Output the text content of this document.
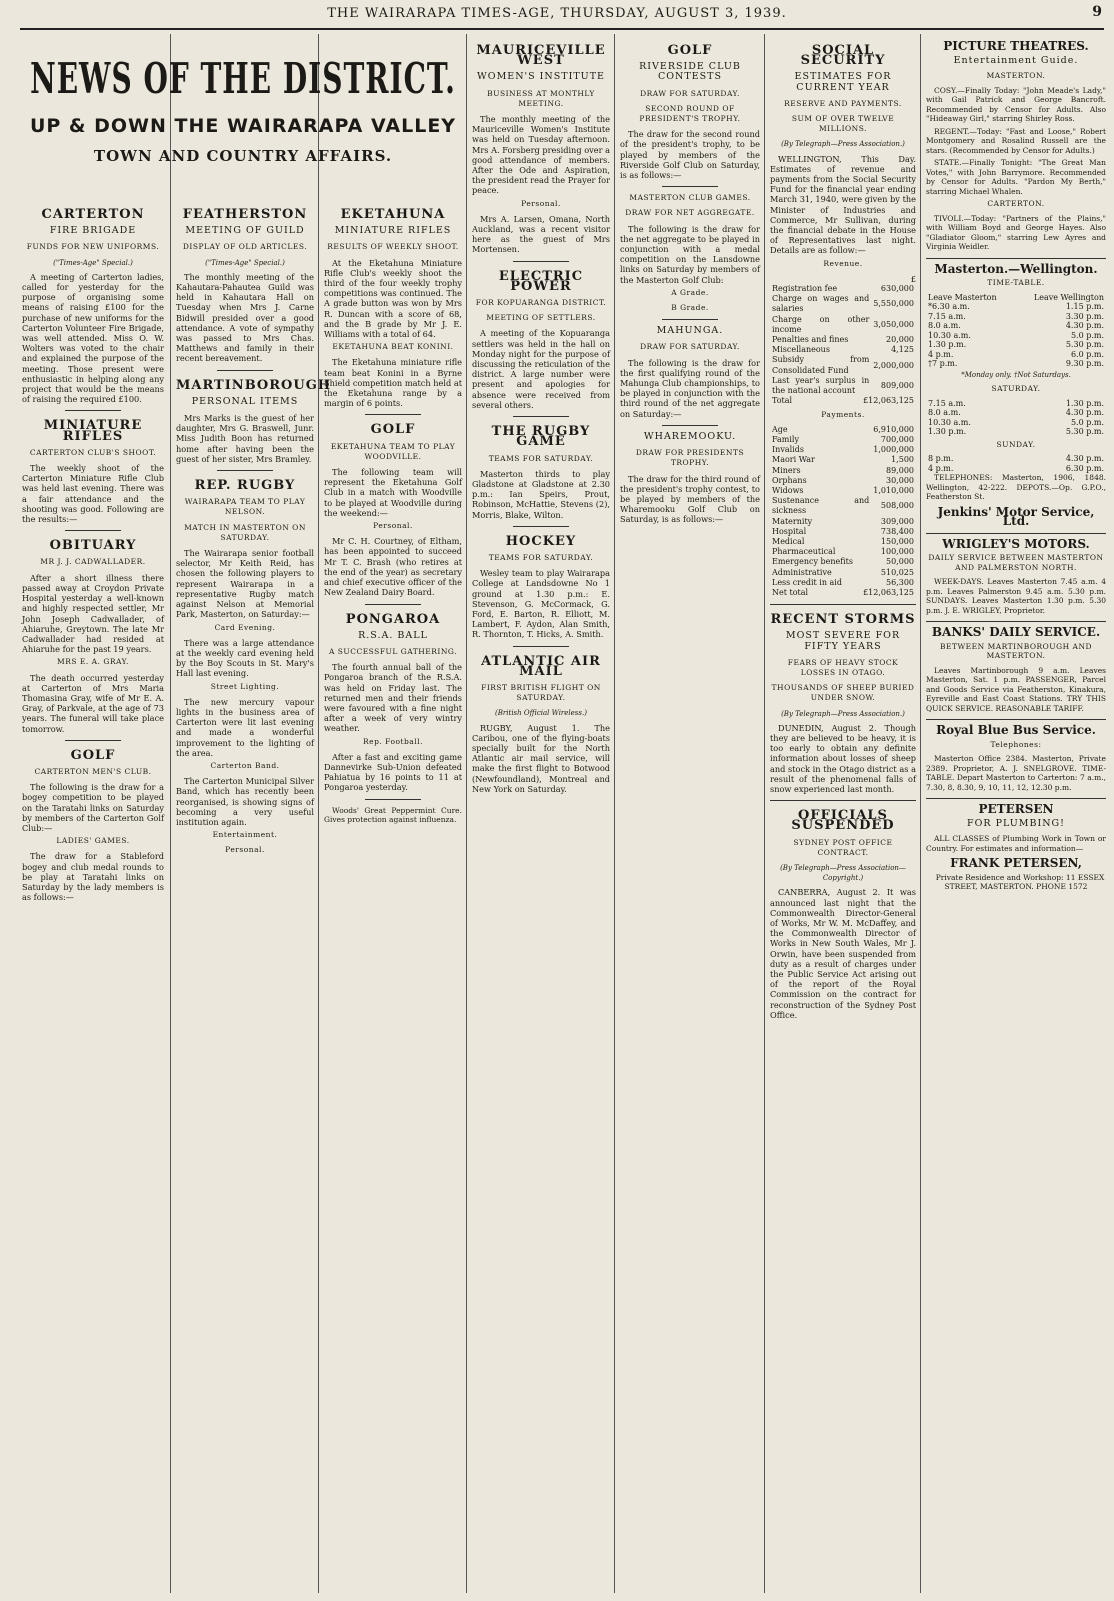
THE WAIRARAPA TIMES-AGE, THURSDAY, AUGUST 3, 1939.	9
NEWS OF THE DISTRICT.
UP & DOWN THE WAIRARAPA VALLEY
TOWN AND COUNTRY AFFAIRS.
CARTERTON
FIRE BRIGADE
FUNDS FOR NEW UNIFORMS.
("Times-Age" Special.)

A meeting of Carterton ladies, called for yesterday for the purpose of organising some means of raising £100 for the purchase of new uniforms for the Carterton Volunteer Fire Brigade, was well attended. Miss O. W. Wolters was voted to the chair and explained the purpose of the meeting. Those present were enthusiastic in helping along any project that would be the means of raising the required £100.

MINIATURE RIFLES
CARTERTON CLUB'S SHOOT.

The weekly shoot of the Carterton Miniature Rifle Club was held last evening. There was a fair attendance and the shooting was good. Following are the results:—

OBITUARY
MR J. J. CADWALLADER.

After a short illness there passed away at Croydon Private Hospital yesterday a well-known and highly respected settler, Mr John Joseph Cadwallader, of Ahiaruhe, Greytown. The late Mr Cadwallader had resided at Ahiaruhe for the past 19 years.

MRS E. A. GRAY.

The death occurred yesterday at Carterton of Mrs Maria Thomasina Gray, wife of Mr E. A. Gray, of Parkvale, at the age of 73 years. The funeral will take place tomorrow.

GOLF
CARTERTON MEN'S CLUB.

The following is the draw for a bogey competition to be played on the Taratahi links on Saturday by members of the Carterton Golf Club:—

LADIES' GAMES.

The draw for a Stableford bogey and club medal rounds to be play at Taratahi links on Saturday by the lady members is as follows:—

FEATHERSTON
MEETING OF GUILD
DISPLAY OF OLD ARTICLES.
("Times-Age" Special.)

The monthly meeting of the Kahautara-Pahautea Guild was held in Kahautara Hall on Tuesday when Mrs J. Carne Bidwill presided over a good attendance. A vote of sympathy was passed to Mrs Chas. Matthews and family in their recent bereavement.

MARTINBOROUGH
PERSONAL ITEMS

Mrs Marks is the guest of her daughter, Mrs G. Braswell, Junr. Miss Judith Boon has returned home after having been the guest of her sister, Mrs Bramley.

REP. RUGBY
WAIRARAPA TEAM TO PLAY NELSON.
MATCH IN MASTERTON ON SATURDAY.

The Wairarapa senior football selector, Mr Keith Reid, has chosen the following players to represent Wairarapa in a representative Rugby match against Nelson at Memorial Park, Masterton, on Saturday:—

Card Evening.

There was a large attendance at the weekly card evening held by the Boy Scouts in St. Mary's Hall last evening.

Street Lighting.

The new mercury vapour lights in the business area of Carterton were lit last evening and made a wonderful improvement to the lighting of the area.

Carterton Band.

The Carterton Municipal Silver Band, which has recently been reorganised, is showing signs of becoming a very useful institution again.

Entertainment.
Personal.
EKETAHUNA
MINIATURE RIFLES
RESULTS OF WEEKLY SHOOT.

At the Eketahuna Miniature Rifle Club's weekly shoot the third of the four weekly trophy competitions was continued. The A grade button was won by Mrs R. Duncan with a score of 68, and the B grade by Mr J. E. Williams with a total of 64.

EKETAHUNA BEAT KONINI.

The Eketahuna miniature rifle team beat Konini in a Byrne Shield competition match held at the Eketahuna range by a margin of 6 points.

GOLF
EKETAHUNA TEAM TO PLAY WOODVILLE.

The following team will represent the Eketahuna Golf Club in a match with Woodville to be played at Woodville during the weekend:—

Personal.

Mr C. H. Courtney, of Eltham, has been appointed to succeed Mr T. C. Brash (who retires at the end of the year) as secretary and chief executive officer of the New Zealand Dairy Board.

PONGAROA
R.S.A. BALL
A SUCCESSFUL GATHERING.

The fourth annual ball of the Pongaroa branch of the R.S.A. was held on Friday last. The returned men and their friends were favoured with a fine night after a week of very wintry weather.

Rep. Football.

After a fast and exciting game Dannevirke Sub-Union defeated Pahiatua by 16 points to 11 at Pongaroa yesterday.

Woods' Great Peppermint Cure. Gives protection against influenza.

MAURICEVILLE WEST
WOMEN'S INSTITUTE
BUSINESS AT MONTHLY MEETING.

The monthly meeting of the Mauriceville Women's Institute was held on Tuesday afternoon. Mrs A. Forsberg presiding over a good attendance of members. After the Ode and Aspiration, the president read the Prayer for peace.

Personal.

Mrs A. Larsen, Omana, North Auckland, was a recent visitor here as the guest of Mrs Mortensen.

ELECTRIC POWER
FOR KOPUARANGA DISTRICT.
MEETING OF SETTLERS.

A meeting of the Kopuaranga settlers was held in the hall on Monday night for the purpose of discussing the reticulation of the district. A large number were present and apologies for absence were received from several others.

THE RUGBY GAME
TEAMS FOR SATURDAY.

Masterton thirds to play Gladstone at Gladstone at 2.30 p.m.: Ian Speirs, Prout, Robinson, McHattie, Stevens (2), Morris, Blake, Wilton.

HOCKEY
TEAMS FOR SATURDAY.

Wesley team to play Wairarapa College at Landsdowne No 1 ground at 1.30 p.m.: E. Stevenson, G. McCormack, G. Ford, E. Barton, R. Elliott, M. Lambert, F. Aydon, Alan Smith, R. Thornton, T. Hicks, A. Smith.

ATLANTIC AIR MAIL
FIRST BRITISH FLIGHT ON SATURDAY.
(British Official Wireless.)

RUGBY, August 1. The Caribou, one of the flying-boats specially built for the North Atlantic air mail service, will make the first flight to Botwood (Newfoundland), Montreal and New York on Saturday.

GOLF
RIVERSIDE CLUB CONTESTS
DRAW FOR SATURDAY.
SECOND ROUND OF PRESIDENT'S TROPHY.

The draw for the second round of the president's trophy, to be played by members of the Riverside Golf Club on Saturday, is as follows:—

MASTERTON CLUB GAMES.
DRAW FOR NET AGGREGATE.

The following is the draw for the net aggregate to be played in conjunction with a medal competition on the Lansdowne links on Saturday by members of the Masterton Golf Club:

A Grade.
B Grade.
MAHUNGA.
DRAW FOR SATURDAY.

The following is the draw for the first qualifying round of the Mahunga Club championships, to be played in conjunction with the third round of the net aggregate on Saturday:—

WHAREMOOKU.
DRAW FOR PRESIDENTS TROPHY.

The draw for the third round of the president's trophy contest, to be played by members of the Wharemooku Golf Club on Saturday, is as follows:—

SOCIAL SECURITY
ESTIMATES FOR CURRENT YEAR
RESERVE AND PAYMENTS.
SUM OF OVER TWELVE MILLIONS.
(By Telegraph—Press Association.)

WELLINGTON, This Day. Estimates of revenue and payments from the Social Security Fund for the financial year ending March 31, 1940, were given by the Minister of Industries and Commerce, Mr Sullivan, during the financial debate in the House of Representatives last night. Details are as follow:—

Revenue.
£
Registration fee	630,000
Charge on wages and salaries	5,550,000
Charge on other income	3,050,000
Penalties and fines	20,000
Miscellaneous	4,125
Subsidy from Consolidated Fund	2,000,000
Last year's surplus in the national account	809,000
Total	£12,063,125
Payments.
Age	6,910,000
Family	700,000
Invalids	1,000,000
Maori War	1,500
Miners	89,000
Orphans	30,000
Widows	1,010,000
Sustenance and sickness	508,000
Maternity	309,000
Hospital	738,400
Medical	150,000
Pharmaceutical	100,000
Emergency benefits	50,000
Administrative	510,025
Less credit in aid	56,300
Net total	£12,063,125
RECENT STORMS
MOST SEVERE FOR FIFTY YEARS
FEARS OF HEAVY STOCK LOSSES IN OTAGO.
THOUSANDS OF SHEEP BURIED UNDER SNOW.
(By Telegraph—Press Association.)

DUNEDIN, August 2. Though they are believed to be heavy, it is too early to obtain any definite information about losses of sheep and stock in the Otago district as a result of the phenomenal falls of snow experienced last month.

OFFICIALS SUSPENDED
SYDNEY POST OFFICE CONTRACT.
(By Telegraph—Press Association—Copyright.)

CANBERRA, August 2. It was announced last night that the Commonwealth Director-General of Works, Mr W. M. McDaffey, and the Commonwealth Director of Works in New South Wales, Mr J. Orwin, have been suspended from duty as a result of charges under the Public Service Act arising out of the report of the Royal Commission on the contract for reconstruction of the Sydney Post Office.

PICTURE THEATRES.
Entertainment Guide.
MASTERTON.

COSY.—Finally Today: "John Meade's Lady," with Gail Patrick and George Bancroft. Recommended by Censor for Adults. Also "Hideaway Girl," starring Shirley Ross.

REGENT.—Today: "Fast and Loose," Robert Montgomery and Rosalind Russell are the stars. (Recommended by Censor for Adults.)

STATE.—Finally Tonight: "The Great Man Votes," with John Barrymore. Recommended by Censor for Adults. "Pardon My Berth," starring Michael Whalen.

CARTERTON.

TIVOLI.—Today: "Partners of the Plains," with William Boyd and George Hayes. Also "Gladiator Gloom," starring Lew Ayres and Virginia Weidler.

Masterton.—Wellington.
TIME-TABLE.
Leave Masterton	Leave Wellington
*6.30 a.m.	1.15 p.m.
7.15 a.m.	3.30 p.m.
8.0 a.m.	4.30 p.m.
10.30 a.m.	5.0 p.m.
1.30 p.m.	5.30 p.m.
4 p.m.	6.0 p.m.
†7 p.m.	9.30 p.m.
*Monday only. †Not Saturdays.
SATURDAY.
7.15 a.m.	1.30 p.m.
8.0 a.m.	4.30 p.m.
10.30 a.m.	5.0 p.m.
1.30 p.m.	5.30 p.m.
SUNDAY.
8 p.m.	4.30 p.m.
4 p.m.	6.30 p.m.

TELEPHONES: Masterton, 1906, 1848. Wellington, 42-222. DEPOTS.—Op. G.P.O., Featherston St.

Jenkins' Motor Service, Ltd.
WRIGLEY'S MOTORS.
DAILY SERVICE BETWEEN MASTERTON AND PALMERSTON NORTH.

WEEK-DAYS. Leaves Masterton 7.45 a.m. 4 p.m. Leaves Palmerston 9.45 a.m. 5.30 p.m. SUNDAYS. Leaves Masterton 1.30 p.m. 5.30 p.m. J. E. WRIGLEY, Proprietor.

BANKS' DAILY SERVICE.
BETWEEN MARTINBOROUGH AND MASTERTON.

Leaves Martinborough 9 a.m. Leaves Masterton, Sat. 1 p.m. PASSENGER, Parcel and Goods Service via Featherston, Kinakura, Eyreville and East Coast Stations. TRY THIS QUICK SERVICE. REASONABLE TARIFF.

Royal Blue Bus Service.
Telephones:

Masterton Office 2384. Masterton, Private 2389. Proprietor, A. J. SNELGROVE. TIME-TABLE. Depart Masterton to Carterton: 7 a.m., 7.30, 8, 8.30, 9, 10, 11, 12, 12.30 p.m.

PETERSEN
FOR PLUMBING!

ALL CLASSES of Plumbing Work in Town or Country. For estimates and information—

FRANK PETERSEN,

Private Residence and Workshop: 11 ESSEX STREET, MASTERTON. PHONE 1572
